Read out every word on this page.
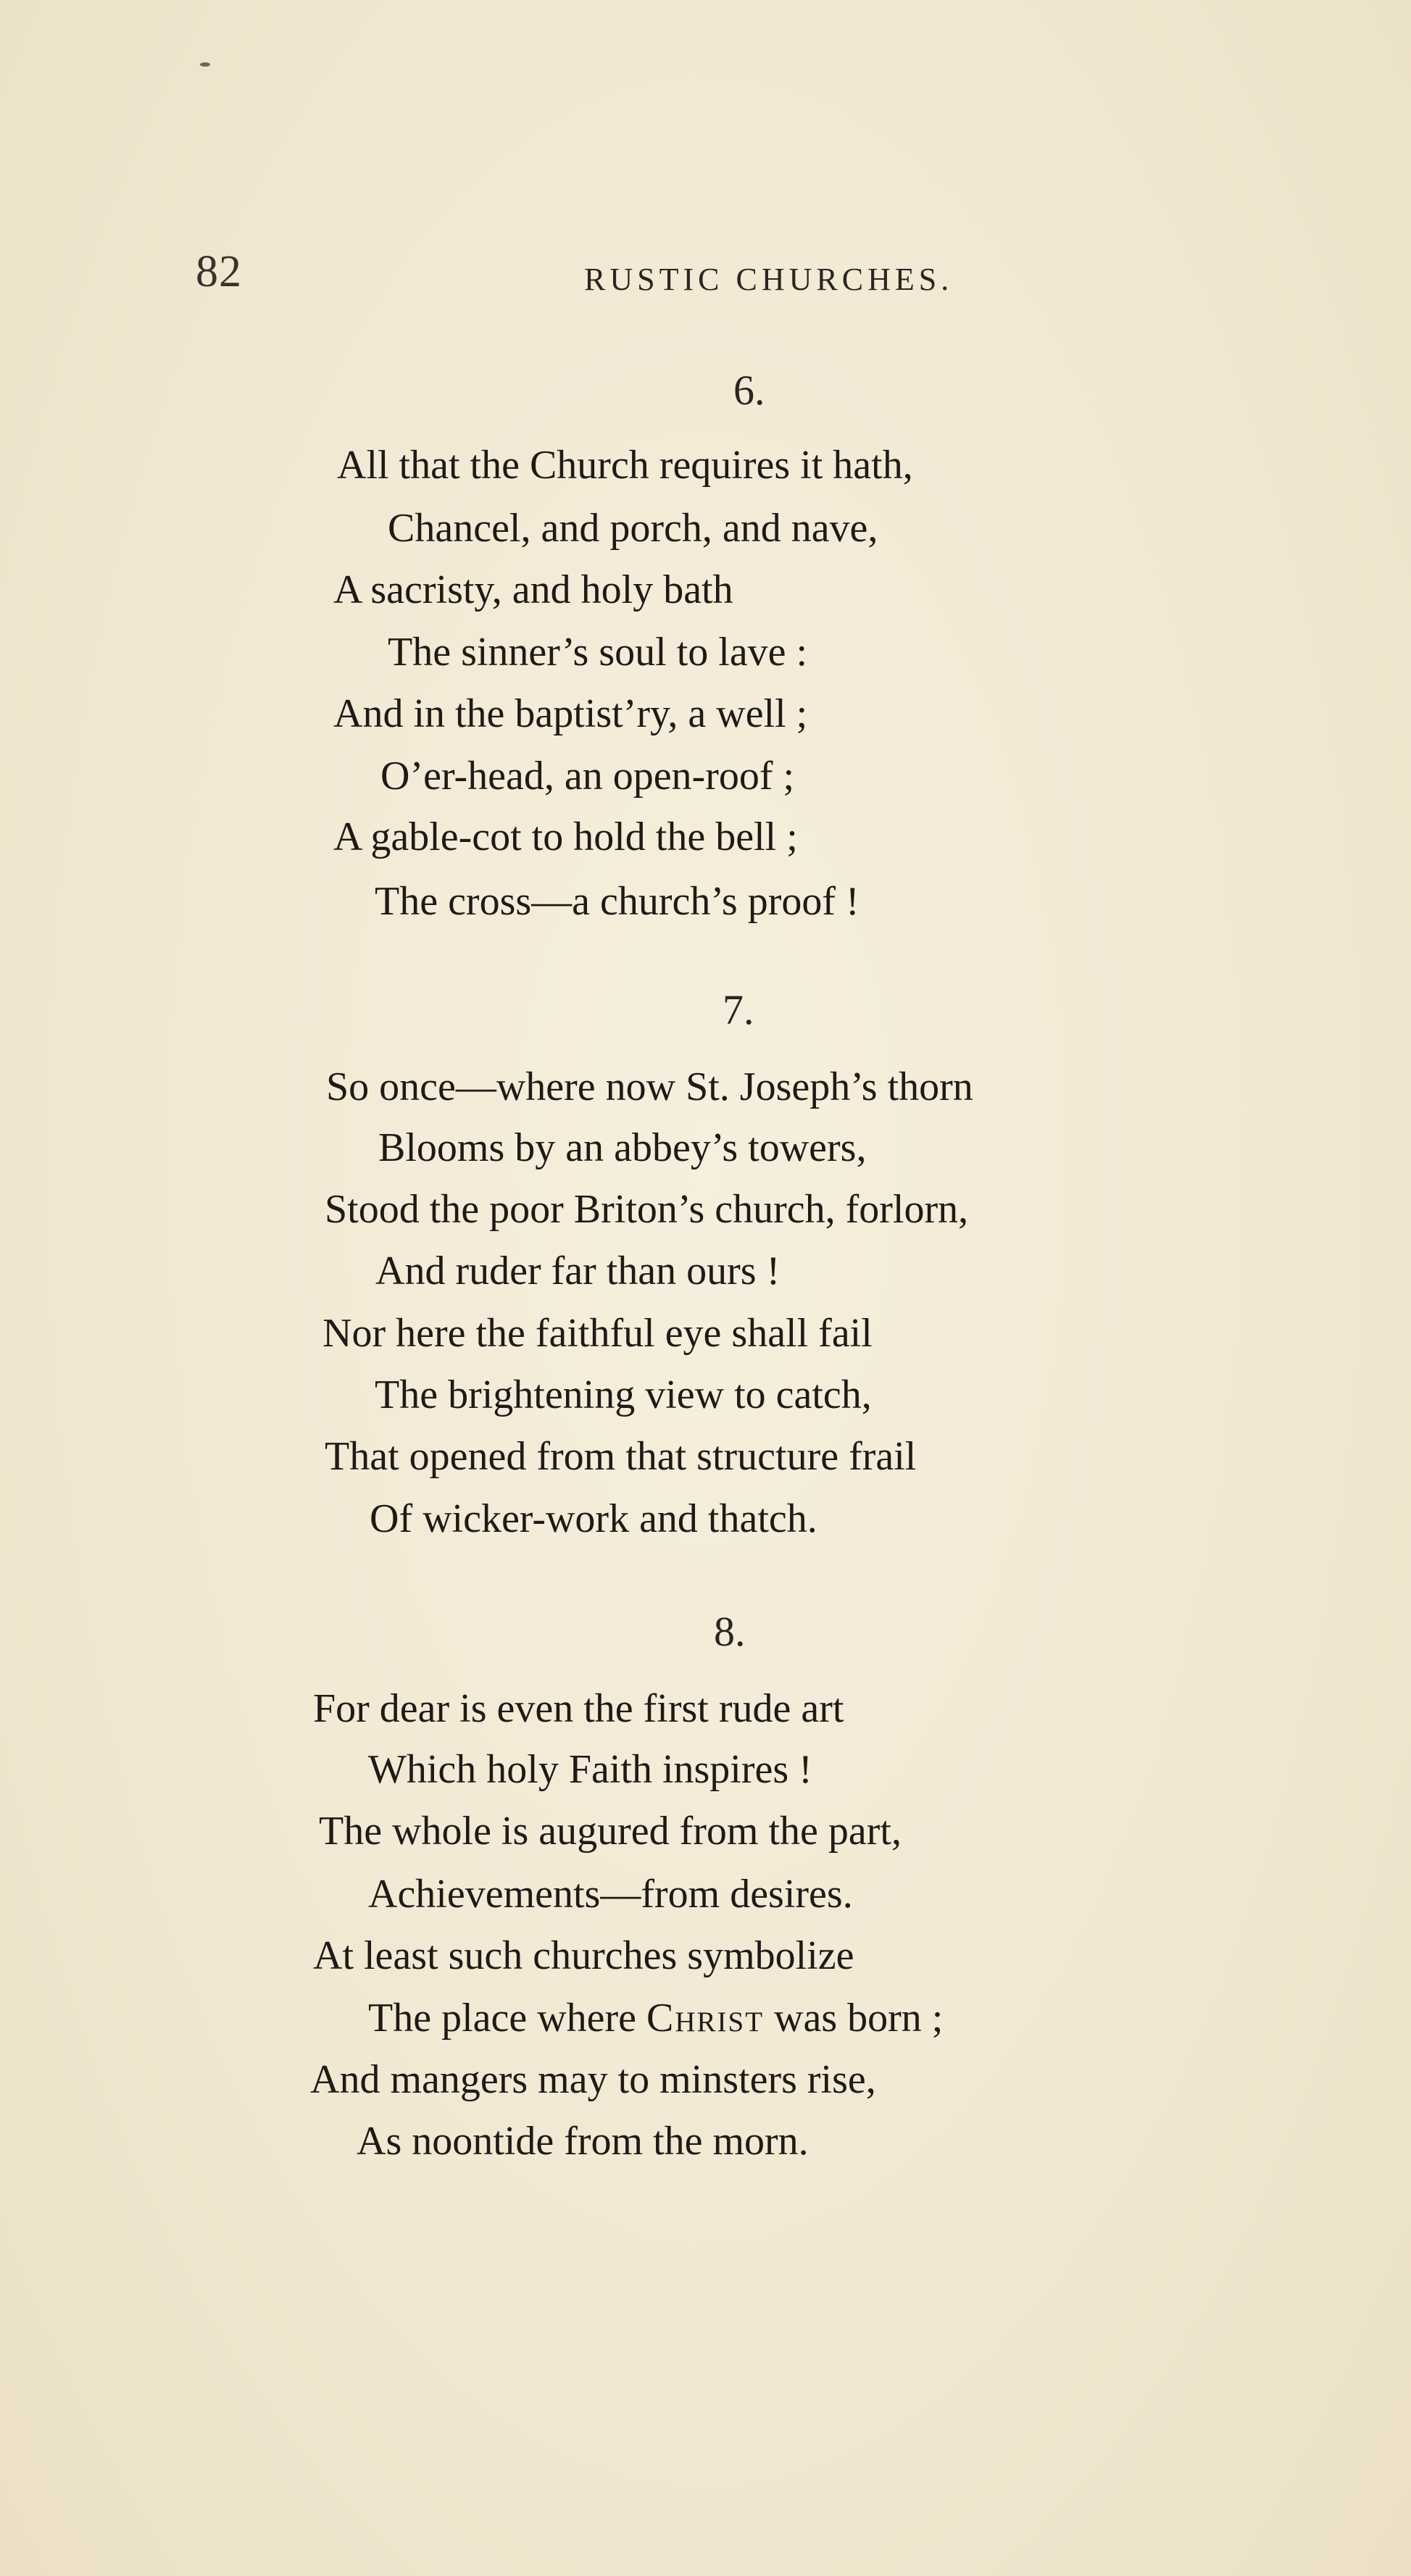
82	RUSTIC CHURCHES.
6.
All that the Church requires it hath,
Chancel, and porch, and nave,
A sacristy, and holy bath
The sinner’s soul to lave :
And in the baptist’ry, a well ;
O’er-head, an open-roof ;
A gable-cot to hold the bell ;
The cross—a church’s proof !
7.
So once—where now St. Joseph’s thorn
Blooms by an abbey’s towers,
Stood the poor Briton’s church, forlorn,
And ruder far than ours !
Nor here the faithful eye shall fail
The brightening view to catch,
That opened from that structure frail
Of wicker-work and thatch.
8.
For dear is even the first rude art
Which holy Faith inspires !
The whole is augured from the part,
Achievements—from desires.
At least such churches symbolize
The place where Christ was born ;
And mangers may to minsters rise,
As noontide from the morn.
